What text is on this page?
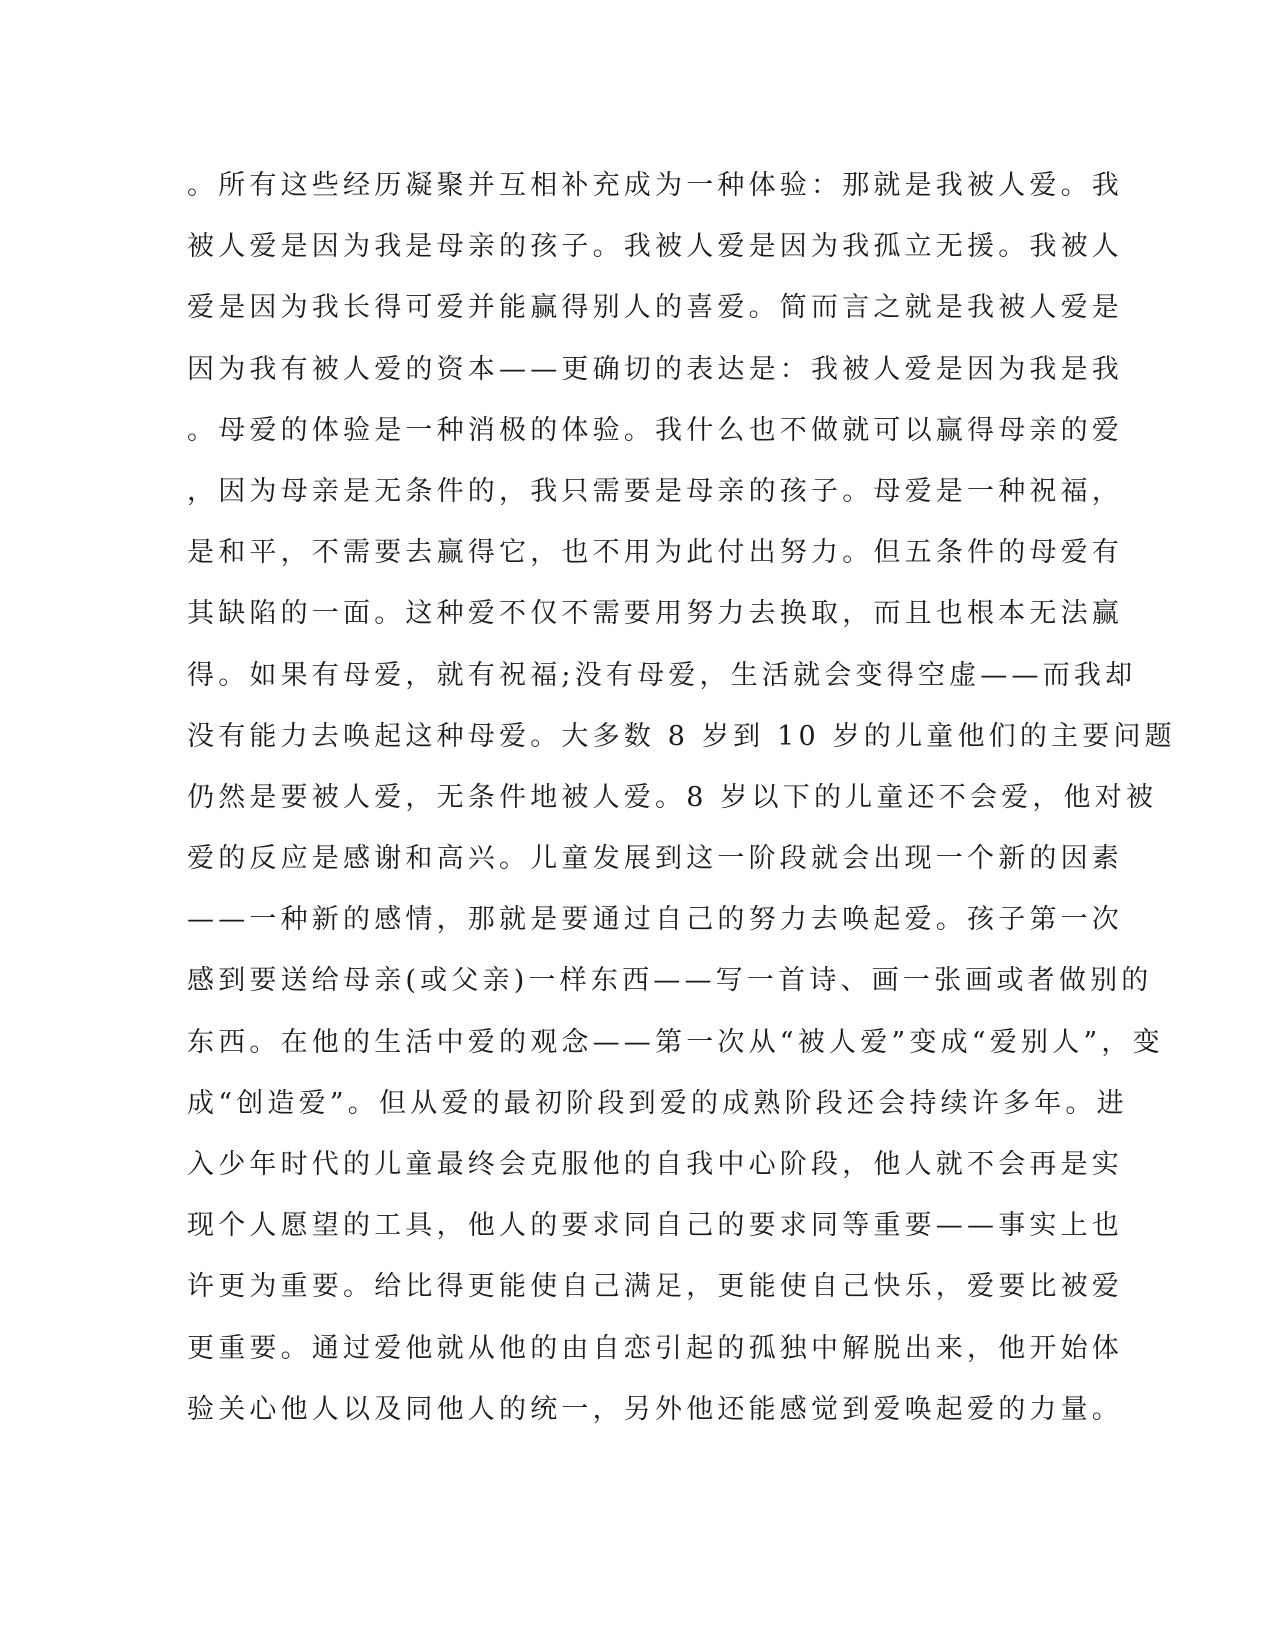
。所有这些经历凝聚并互相补充成为一种体验：那就是我被人爱。我
被人爱是因为我是母亲的孩子。我被人爱是因为我孤立无援。我被人
爱是因为我长得可爱并能赢得别人的喜爱。简而言之就是我被人爱是
因为我有被人爱的资本——更确切的表达是：我被人爱是因为我是我
。母爱的体验是一种消极的体验。我什么也不做就可以赢得母亲的爱
，因为母亲是无条件的，我只需要是母亲的孩子。母爱是一种祝福，
是和平，不需要去赢得它，也不用为此付出努力。但五条件的母爱有
其缺陷的一面。这种爱不仅不需要用努力去换取，而且也根本无法赢
得。如果有母爱，就有祝福;没有母爱，生活就会变得空虚——而我却
没有能力去唤起这种母爱。大多数 8 岁到 10 岁的儿童他们的主要问题
仍然是要被人爱，无条件地被人爱。8 岁以下的儿童还不会爱，他对被
爱的反应是感谢和高兴。儿童发展到这一阶段就会出现一个新的因素
——一种新的感情，那就是要通过自己的努力去唤起爱。孩子第一次
感到要送给母亲(或父亲)一样东西——写一首诗、画一张画或者做别的
东西。在他的生活中爱的观念——第一次从“被人爱”变成“爱别人”，变
成“创造爱”。但从爱的最初阶段到爱的成熟阶段还会持续许多年。进
入少年时代的儿童最终会克服他的自我中心阶段，他人就不会再是实
现个人愿望的工具，他人的要求同自己的要求同等重要——事实上也
许更为重要。给比得更能使自己满足，更能使自己快乐，爱要比被爱
更重要。通过爱他就从他的由自恋引起的孤独中解脱出来，他开始体
验关心他人以及同他人的统一，另外他还能感觉到爱唤起爱的力量。
